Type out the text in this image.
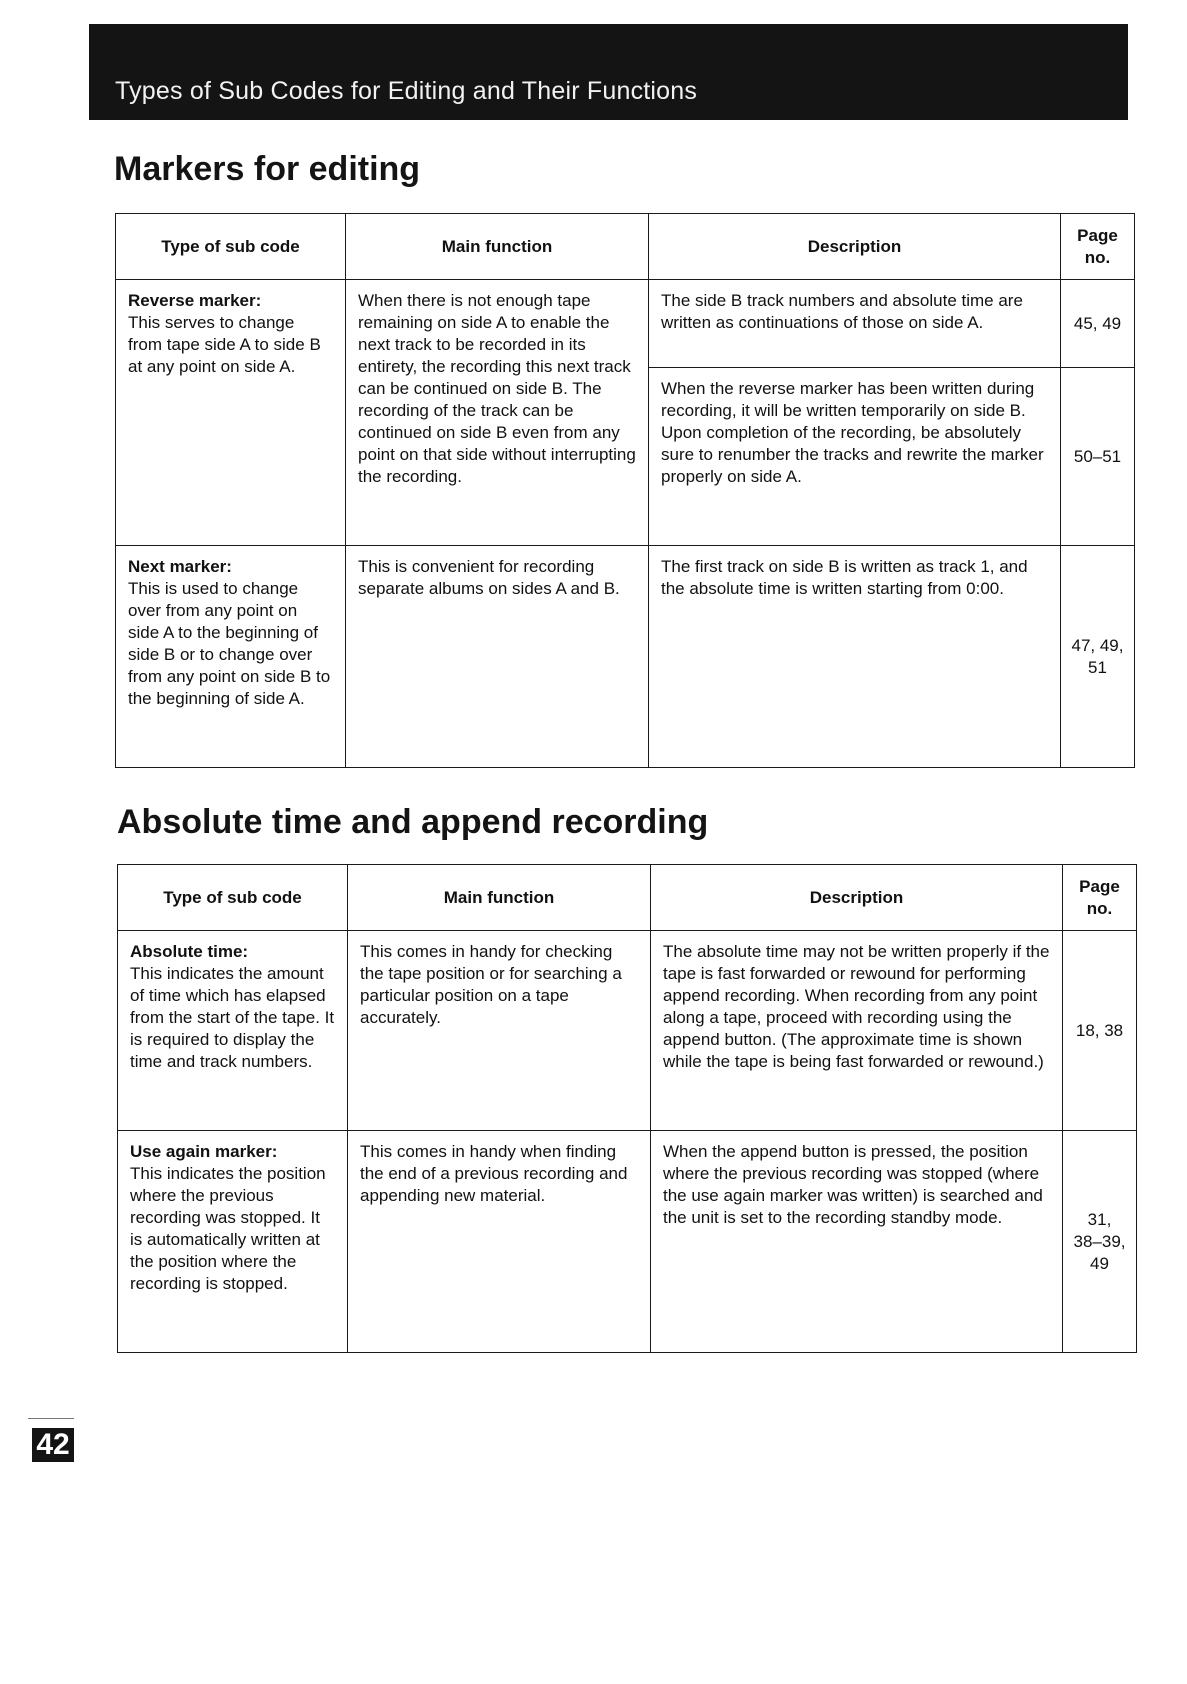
Types of Sub Codes for Editing and Their Functions
Markers for editing
Type of sub code	Main function	Description	Page no.

Reverse marker:
This serves to change from tape side A to side B at any point on side A.	When there is not enough tape remaining on side A to enable the next track to be recorded in its entirety, the recording this next track can be continued on side B. The recording of the track can be continued on side B even from any point on that side without interrupting the recording.	The side B track numbers and absolute time are written as continuations of those on side A.	45, 49
		When the reverse marker has been written during recording, it will be written temporarily on side B. Upon completion of the recording, be absolutely sure to renumber the tracks and rewrite the marker properly on side A.	50–51

Next marker:
This is used to change over from any point on side A to the beginning of side B or to change over from any point on side B to the beginning of side A.	This is convenient for recording separate albums on sides A and B.	The first track on side B is written as track 1, and the absolute time is written starting from 0:00.	47, 49,
51
Absolute time and append recording
Type of sub code	Main function	Description	Page no.

Absolute time:
This indicates the amount of time which has elapsed from the start of the tape. It is required to display the time and track numbers.	This comes in handy for checking the tape position or for searching a particular position on a tape accurately.	The absolute time may not be written properly if the tape is fast forwarded or rewound for performing append recording. When recording from any point along a tape, proceed with recording using the append button. (The approximate time is shown while the tape is being fast forwarded or rewound.)	18, 38

Use again marker:
This indicates the position where the previous recording was stopped. It is automatically written at the position where the recording is stopped.	This comes in handy when finding the end of a previous recording and appending new material.	When the append button is pressed, the position where the previous recording was stopped (where the use again marker was written) is searched and the unit is set to the recording standby mode.	31,
38–39,
49
42
